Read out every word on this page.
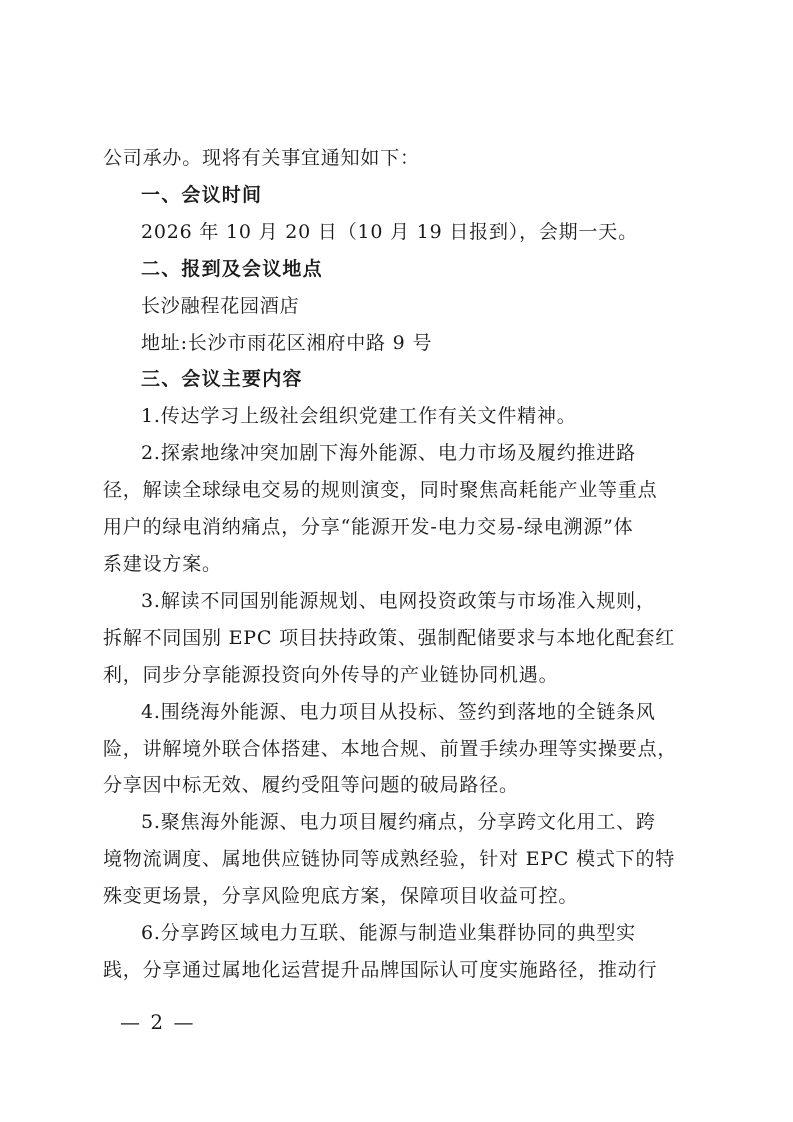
公司承办。现将有关事宜通知如下：
一、会议时间
2026 年 10 月 20 日（10 月 19 日报到），会期一天。
二、报到及会议地点
长沙融程花园酒店
地址:长沙市雨花区湘府中路 9 号
三、会议主要内容
1.传达学习上级社会组织党建工作有关文件精神。
2.探索地缘冲突加剧下海外能源、电力市场及履约推进路
径，解读全球绿电交易的规则演变，同时聚焦高耗能产业等重点
用户的绿电消纳痛点，分享“能源开发-电力交易-绿电溯源”体
系建设方案。
3.解读不同国别能源规划、电网投资政策与市场准入规则，
拆解不同国别 EPC 项目扶持政策、强制配储要求与本地化配套红
利，同步分享能源投资向外传导的产业链协同机遇。
4.围绕海外能源、电力项目从投标、签约到落地的全链条风
险，讲解境外联合体搭建、本地合规、前置手续办理等实操要点，
分享因中标无效、履约受阻等问题的破局路径。
5.聚焦海外能源、电力项目履约痛点，分享跨文化用工、跨
境物流调度、属地供应链协同等成熟经验，针对 EPC 模式下的特
殊变更场景，分享风险兜底方案，保障项目收益可控。
6.分享跨区域电力互联、能源与制造业集群协同的典型实
践，分享通过属地化运营提升品牌国际认可度实施路径，推动行
— 2 —
